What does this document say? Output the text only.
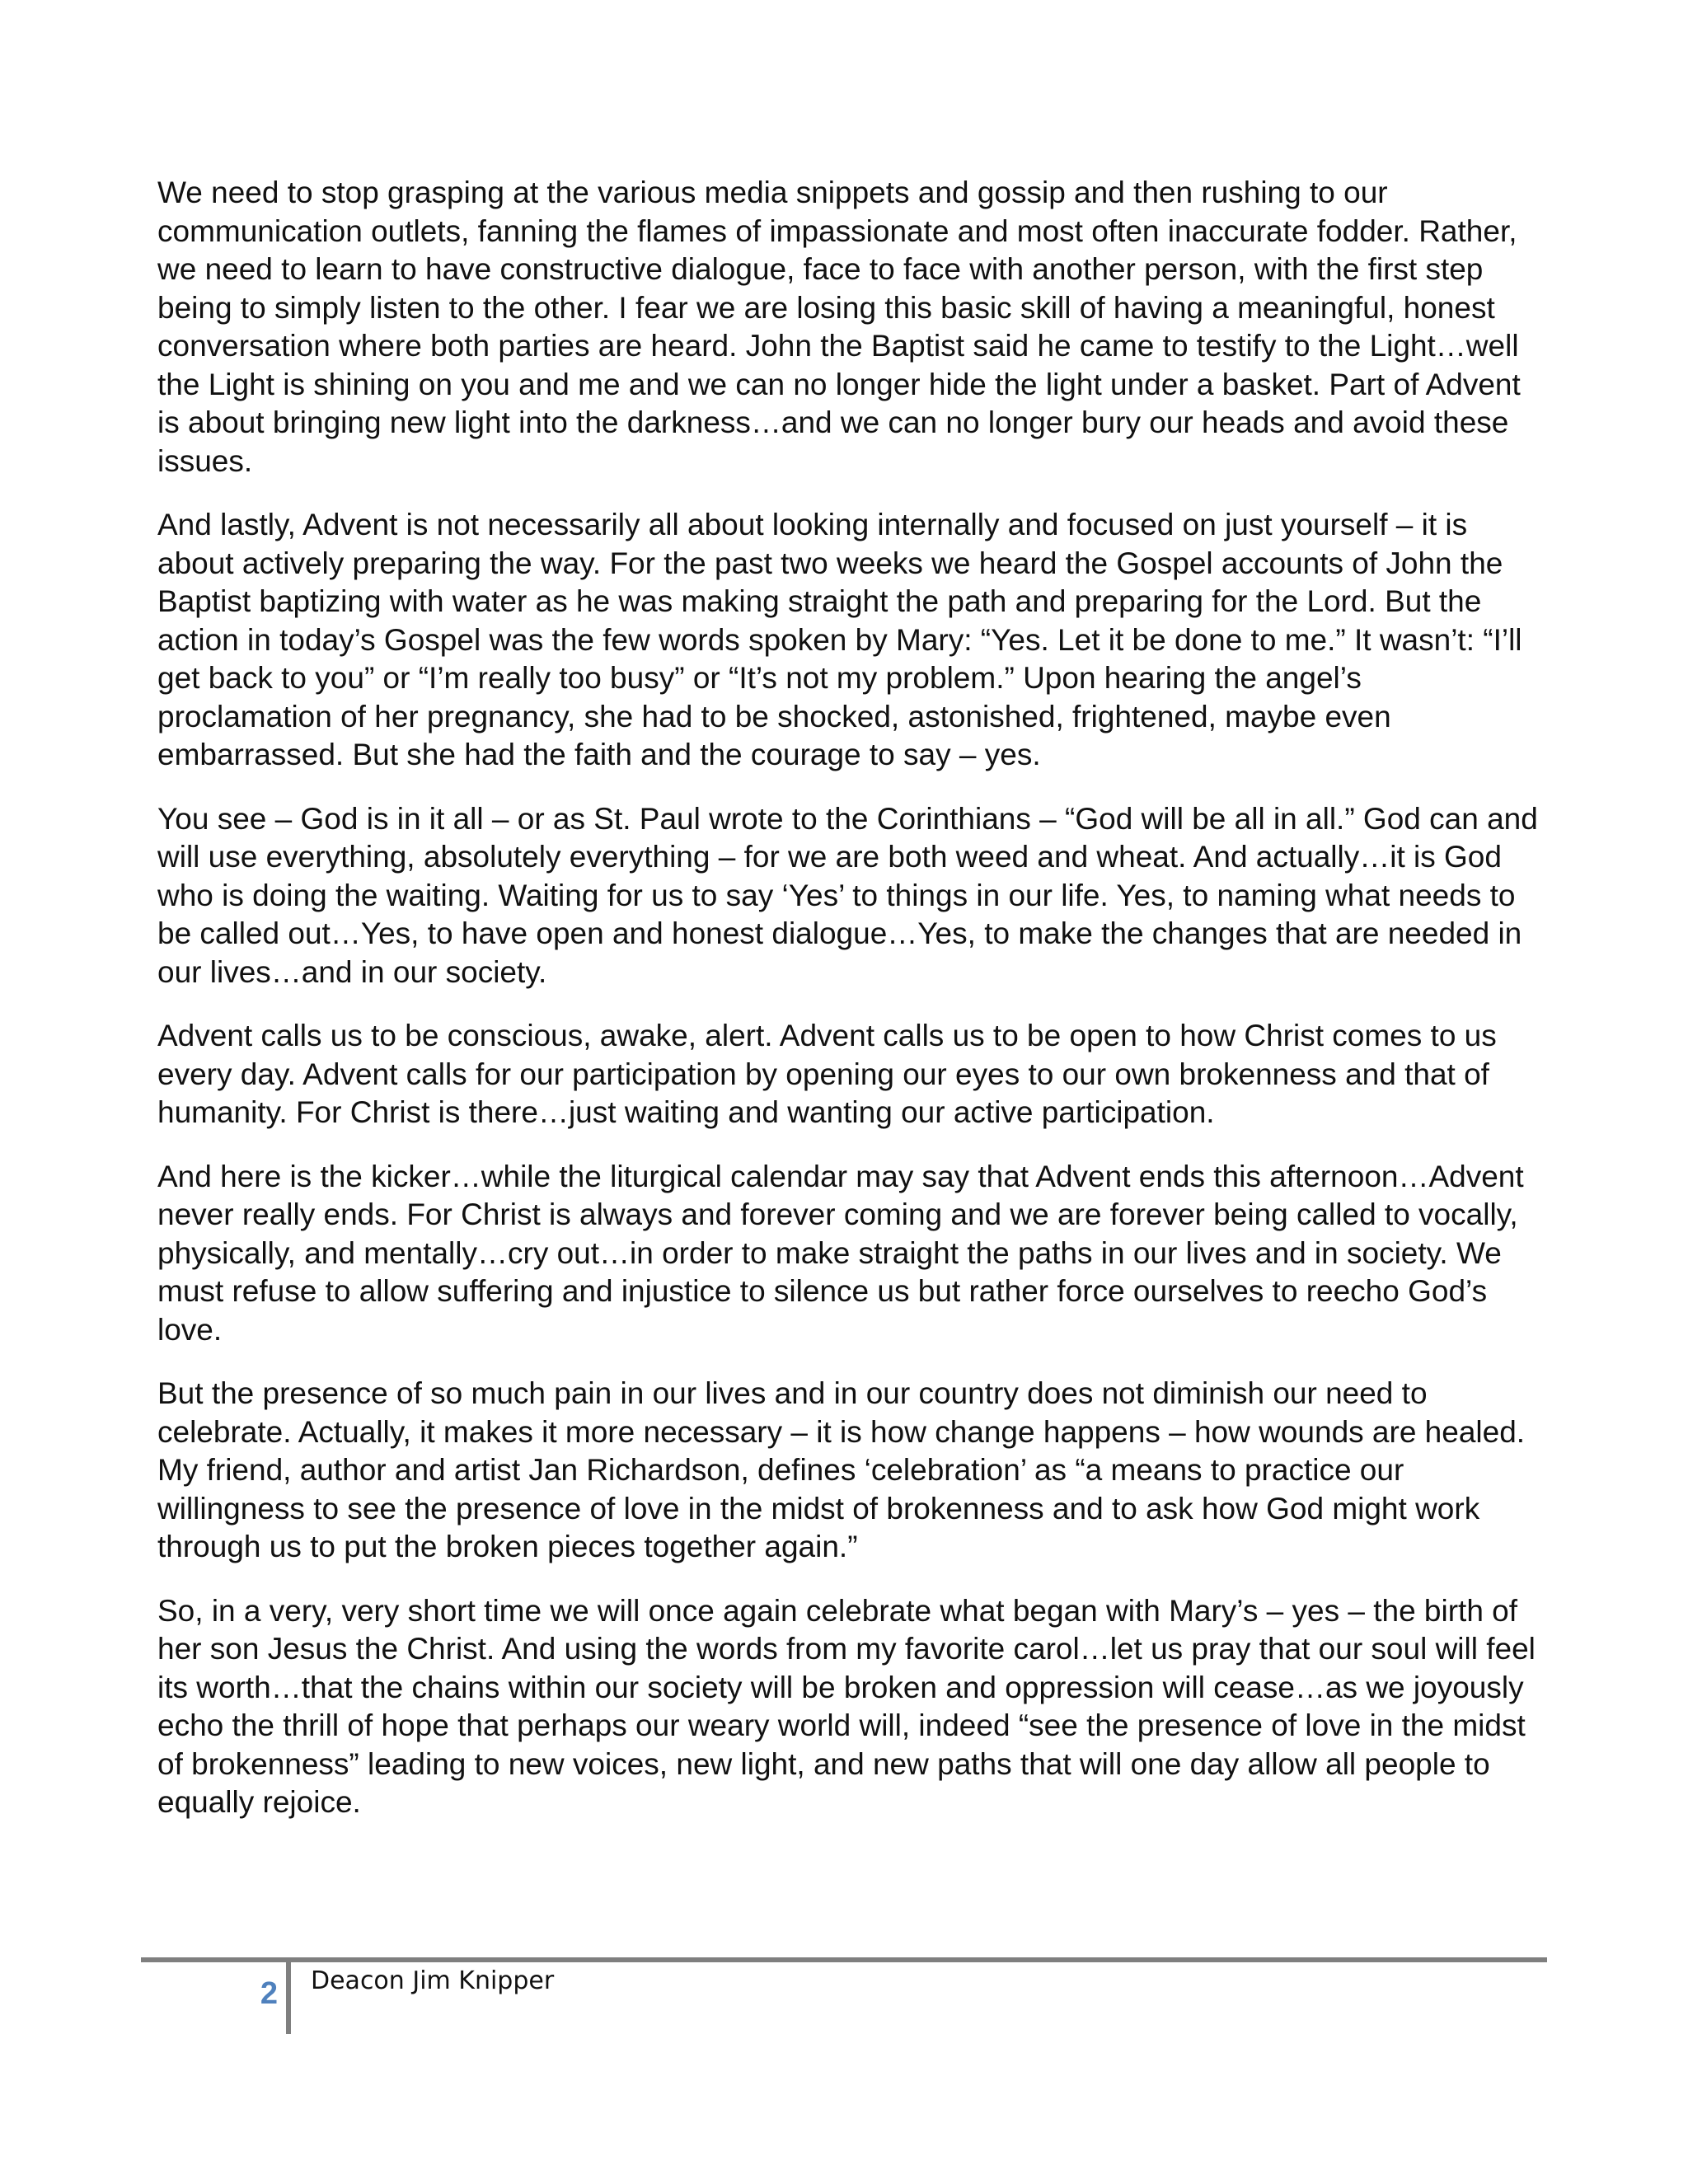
We need to stop grasping at the various media snippets and gossip and then rushing to our communication outlets, fanning the flames of impassionate and most often inaccurate fodder. Rather, we need to learn to have constructive dialogue, face to face with another person, with the first step being to simply listen to the other. I fear we are losing this basic skill of having a meaningful, honest conversation where both parties are heard. John the Baptist said he came to testify to the Light…well the Light is shining on you and me and we can no longer hide the light under a basket. Part of Advent is about bringing new light into the darkness…and we can no longer bury our heads and avoid these issues.

And lastly, Advent is not necessarily all about looking internally and focused on just yourself – it is about actively preparing the way. For the past two weeks we heard the Gospel accounts of John the Baptist baptizing with water as he was making straight the path and preparing for the Lord. But the action in today’s Gospel was the few words spoken by Mary: “Yes. Let it be done to me.” It wasn’t: “I’ll get back to you” or “I’m really too busy” or “It’s not my problem.” Upon hearing the angel’s proclamation of her pregnancy, she had to be shocked, astonished, frightened, maybe even embarrassed. But she had the faith and the courage to say – yes.

You see – God is in it all – or as St. Paul wrote to the Corinthians – “God will be all in all.” God can and will use everything, absolutely everything – for we are both weed and wheat. And actually…it is God who is doing the waiting. Waiting for us to say ‘Yes’ to things in our life. Yes, to naming what needs to be called out…Yes, to have open and honest dialogue…Yes, to make the changes that are needed in our lives…and in our society.

Advent calls us to be conscious, awake, alert. Advent calls us to be open to how Christ comes to us every day. Advent calls for our participation by opening our eyes to our own brokenness and that of humanity. For Christ is there…just waiting and wanting our active participation.

And here is the kicker…while the liturgical calendar may say that Advent ends this afternoon…Advent never really ends. For Christ is always and forever coming and we are forever being called to vocally, physically, and mentally…cry out…in order to make straight the paths in our lives and in society. We must refuse to allow suffering and injustice to silence us but rather force ourselves to reecho God’s love.

But the presence of so much pain in our lives and in our country does not diminish our need to celebrate. Actually, it makes it more necessary – it is how change happens – how wounds are healed. My friend, author and artist Jan Richardson, defines ‘celebration’ as “a means to practice our willingness to see the presence of love in the midst of brokenness and to ask how God might work through us to put the broken pieces together again.”

So, in a very, very short time we will once again celebrate what began with Mary’s – yes – the birth of her son Jesus the Christ. And using the words from my favorite carol…let us pray that our soul will feel its worth…that the chains within our society will be broken and oppression will cease…as we joyously echo the thrill of hope that perhaps our weary world will, indeed “see the presence of love in the midst of brokenness” leading to new voices, new light, and new paths that will one day allow all people to equally rejoice.

2 Deacon Jim Knipper
